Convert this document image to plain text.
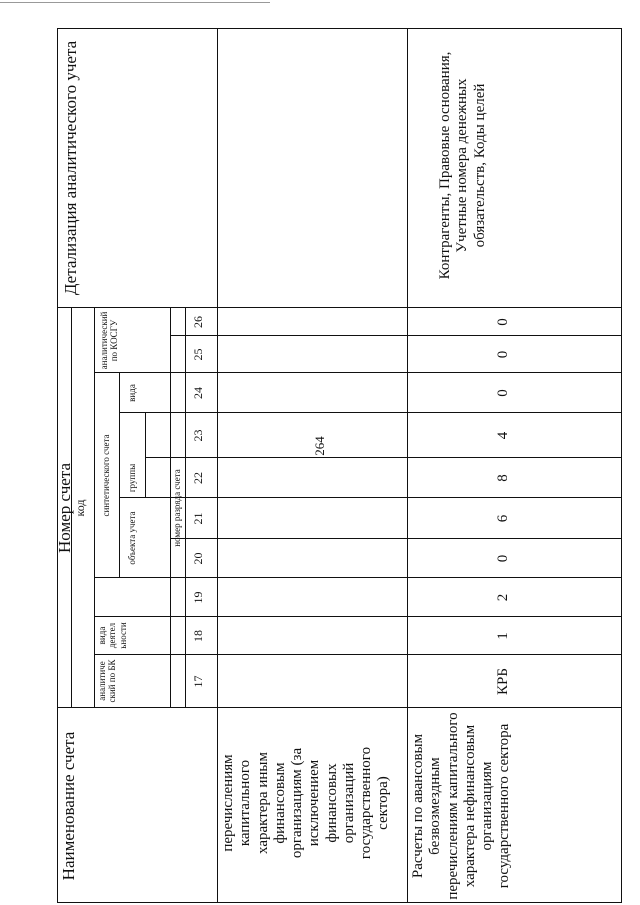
264
Наименование счета
Номер счета код
аналитиче ский по БК
вида деятел ьности
синтетического счета
объекта учета
группы
вида
аналитический по КОСГУ
номер разряда счета
Детализация аналитического учета
17
18
19
20
21
22
23
24
25
26
перечислениям капитального характера иным финансовым организациям (за исключением финансовых организаций государственного сектора) Расчеты по авансовым безвозмездным перечислениям капитального характера нефинансовым организациям государственного сектора
КРБ
1
2
0
6
8
4
0
0
0
Контрагенты, Правовые основания, Учетные номера денежных обязательств, Коды целей
